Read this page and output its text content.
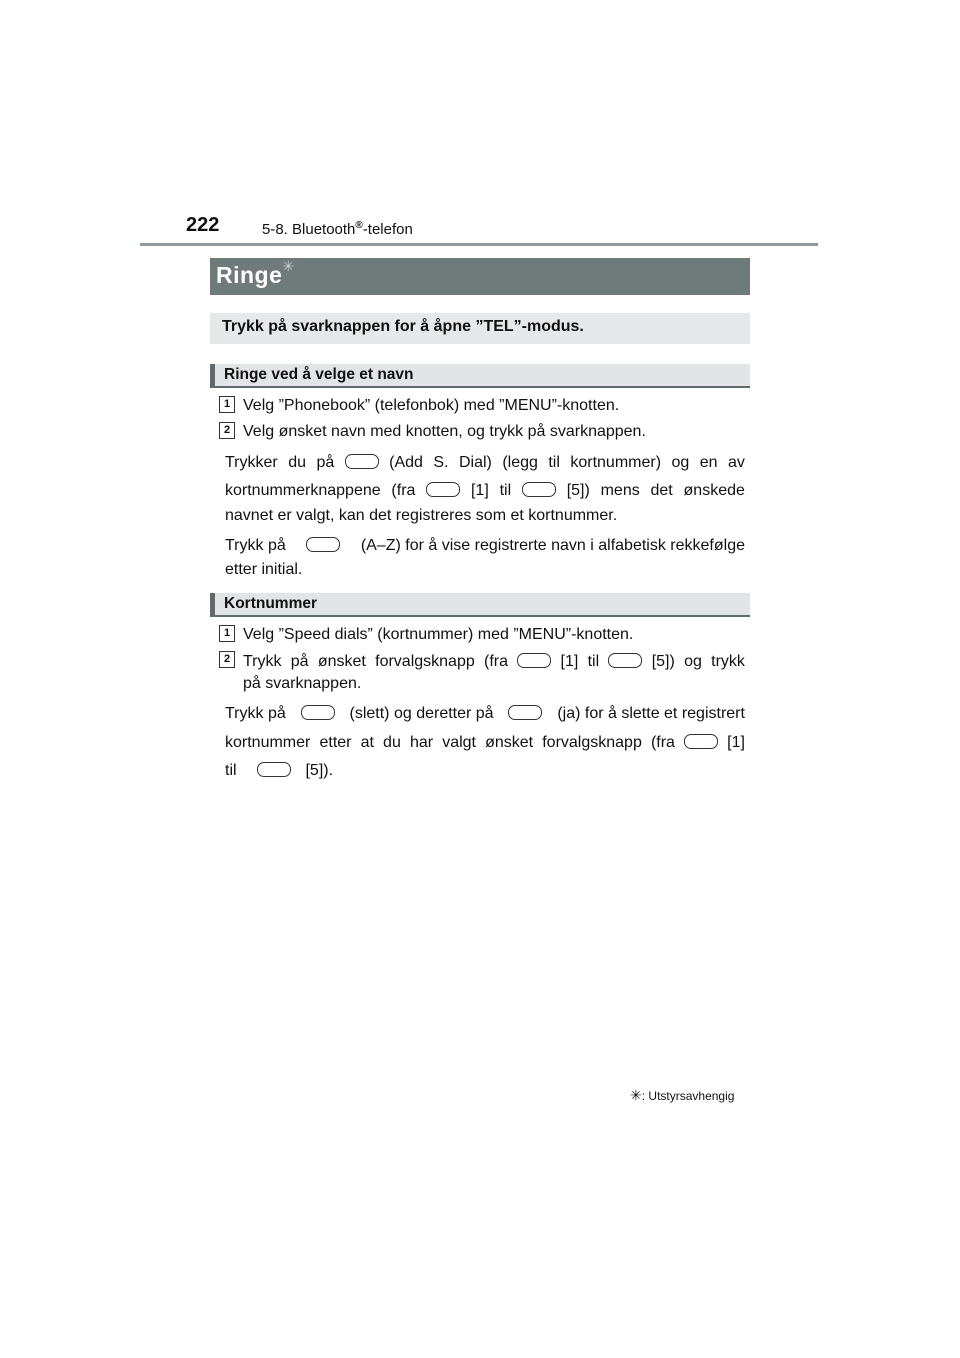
222	5-8. Bluetooth®-telefon
Ringe✳
Trykk på svarknappen for å åpne ”TEL”-modus.
Ringe ved å velge et navn
1 Velg ”Phonebook” (telefonbok) med ”MENU”-knotten.
2 Velg ønsket navn med knotten, og trykk på svarknappen.
Trykker du på	(Add S. Dial) (legg til kortnummer) og en av
kortnummerknappene (fra	[1] til	[5]) mens det ønskede
navnet er valgt, kan det registreres som et kortnummer.
Trykk på	(A–Z) for å vise registrerte navn i alfabetisk rekkefølge
etter initial.
Kortnummer
1 Velg ”Speed dials” (kortnummer) med ”MENU”-knotten.
2 Trykk på ønsket forvalgsknapp (fra	[1] til	[5]) og trykk
på svarknappen.
Trykk på	(slett) og deretter på	(ja) for å slette et registrert
kortnummer etter at du har valgt ønsket forvalgsknapp (fra	[1]
til	[5]).
✳: Utstyrsavhengig
